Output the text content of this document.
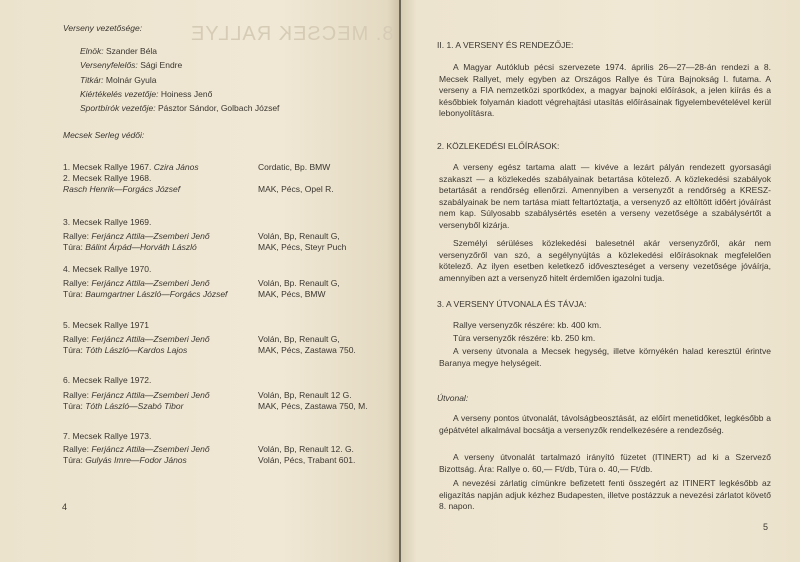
8. MECSEK RALLYE
Verseny vezetősége:
Elnök: Szander Béla
Versenyfelelős: Sági Endre
Titkár: Molnár Gyula
Kiértékelés vezetője: Hoiness Jenő
Sportbírók vezetője: Pásztor Sándor, Golbach József
Mecsek Serleg védői:
1. Mecsek Rallye 1967. Czira János	Cordatic, Bp. BMW
2. Mecsek Rallye 1968.
Rasch Henrik—Forgács József	MAK, Pécs, Opel R.
3. Mecsek Rallye 1969.
Rallye: Ferjáncz Attila—Zsemberi Jenő	Volán, Bp, Renault G,
Túra: Bálint Árpád—Horváth László	MAK, Pécs, Steyr Puch
4. Mecsek Rallye 1970.
Rallye: Ferjáncz Attila—Zsemberi Jenő	Volán, Bp. Renault G,
Túra: Baumgartner László—Forgács József	MAK, Pécs, BMW
5. Mecsek Rallye 1971
Rallye: Ferjáncz Attila—Zsemberi Jenő	Volán, Bp, Renault G,
Túra: Tóth László—Kardos Lajos	MAK, Pécs, Zastawa 750.
6. Mecsek Rallye 1972.
Rallye: Ferjáncz Attila—Zsemberi Jenő	Volán, Bp, Renault 12 G.
Túra: Tóth László—Szabó Tibor	MAK, Pécs, Zastawa 750, M.
7. Mecsek Rallye 1973.
Rallye: Ferjáncz Attila—Zsemberi Jenő	Volán, Bp, Renault 12. G.
Túra: Gulyás Imre—Fodor János	Volán, Pécs, Trabant 601.
4
II. 1. A VERSENY ÉS RENDEZŐJE:
A Magyar Autóklub pécsi szervezete 1974. április 26—27—28-án rendezi a 8. Mecsek Rallyet, mely egyben az Országos Rallye és Túra Bajnokság I. futama. A verseny a FIA nemzetközi sportkódex, a magyar bajnoki előírások, a jelen kiírás és a későbbiek folyamán kiadott végrehajtási utasítás előírásainak figyelembevételével kerül lebonyolításra.
2. KÖZLEKEDÉSI ELŐÍRÁSOK:
A verseny egész tartama alatt — kivéve a lezárt pályán rendezett gyorsasági szakaszt — a közlekedés szabályainak betartása kötelező. A közlekedési szabályok betartását a rendőrség ellenőrzi. Amennyiben a versenyzőt a rendőrség a KRESZ-szabályainak be nem tartása miatt feltartóztatja, a versenyző az eltöltött időért jóváírást nem kap. Súlyosabb szabálysértés esetén a verseny vezetősége a szabálysértőt a versenyből kizárja.
Személyi sérüléses közlekedési balesetnél akár versenyzőről, akár nem versenyzőről van szó, a segélynyújtás a közlekedési előírásoknak megfelelően kötelező. Az ilyen esetben keletkező időveszteséget a verseny vezetősége jóváírja, amennyiben azt a versenyző hitelt érdemlően igazolni tudja.
3. A VERSENY ÚTVONALA ÉS TÁVJA:
Rallye versenyzők részére: kb. 400 km.
Túra versenyzők részére: kb. 250 km.
A verseny útvonala a Mecsek hegység, illetve környékén halad keresztül érintve Baranya megye helységeit.
Útvonal:
A verseny pontos útvonalát, távolságbeosztását, az előírt menetidőket, legkésőbb a gépátvétel alkalmával bocsátja a versenyzők rendelkezésére a rendezőség.
A verseny útvonalát tartalmazó irányító füzetet (ITINERT) ad ki a Szervező Bizottság. Ára: Rallye o. 60,— Ft/db, Túra o. 40,— Ft/db.
A nevezési zárlatig címünkre befizetett fenti összegért az ITINERT legkésőbb az eligazítás napján adjuk kézhez Budapesten, illetve postázzuk a nevezési zárlatot követő 8. napon.
5
